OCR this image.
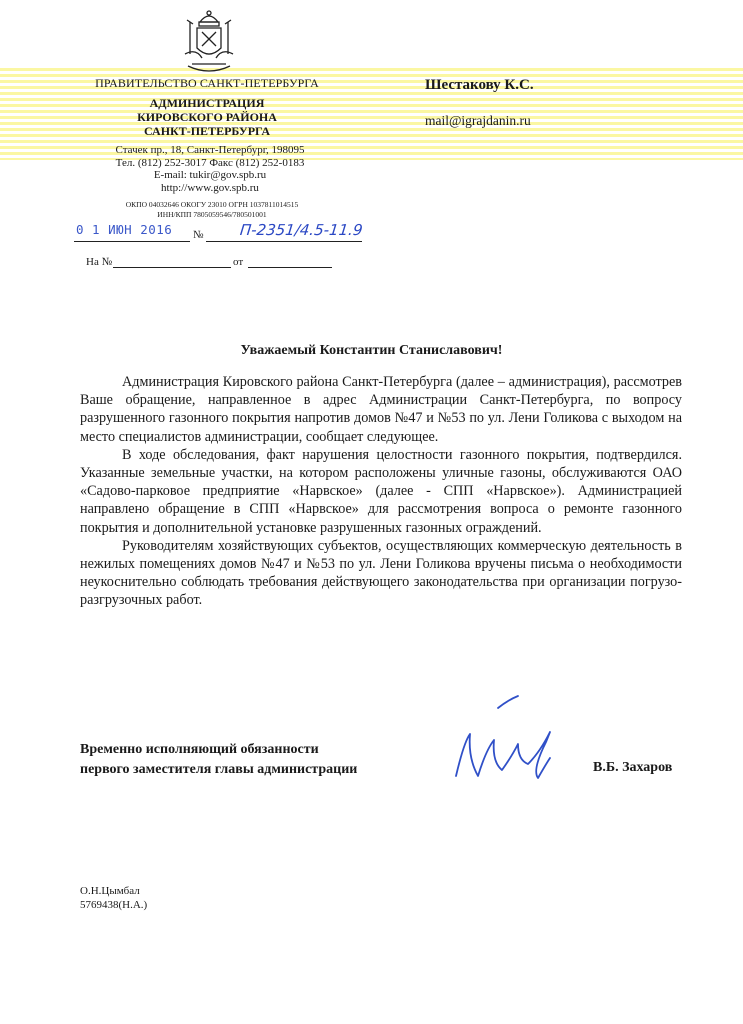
ПРАВИТЕЛЬСТВО САНКТ-ПЕТЕРБУРГА
АДМИНИСТРАЦИЯ
КИРОВСКОГО РАЙОНА
САНКТ-ПЕТЕРБУРГА
Стачек пр., 18, Санкт-Петербург, 198095
Тел. (812) 252-3017 Факс (812) 252-0183
E-mail: tukir@gov.spb.ru
http://www.gov.spb.ru
ОКПО 04032646 ОКОГУ 23010 ОГРН 1037811014515
ИНН/КПП 7805059546/780501001
0 1 ИЮН 2016 № П-2351/4.5-11.9
На №	от
Шестакову К.С.
mail@igrajdanin.ru
Уважаемый Константин Станиславович!

Администрация Кировского района Санкт-Петербурга (далее – администрация), рассмотрев Ваше обращение, направленное в адрес Администрации Санкт-Петербурга, по вопросу разрушенного газонного покрытия напротив домов №47 и №53 по ул. Лени Голикова с выходом на место специалистов администрации, сообщает следующее.

В ходе обследования, факт нарушения целостности газонного покрытия, подтвердился. Указанные земельные участки, на котором расположены уличные газоны, обслуживаются ОАО «Садово-парковое предприятие «Нарвское» (далее - СПП «Нарвское»). Администрацией направлено обращение в СПП «Нарвское» для рассмотрения вопроса о ремонте газонного покрытия и дополнительной установке разрушенных газонных ограждений.

Руководителям хозяйствующих субъектов, осуществляющих коммерческую деятельность в нежилых помещениях домов №47 и №53 по ул. Лени Голикова вручены письма о необходимости неукоснительно соблюдать требования действующего законодательства при организации погрузо-разгрузочных работ.

Временно исполняющий обязанности
первого заместителя главы администрации	В.Б. Захаров
О.Н.Цымбал
5769438(Н.А.)
